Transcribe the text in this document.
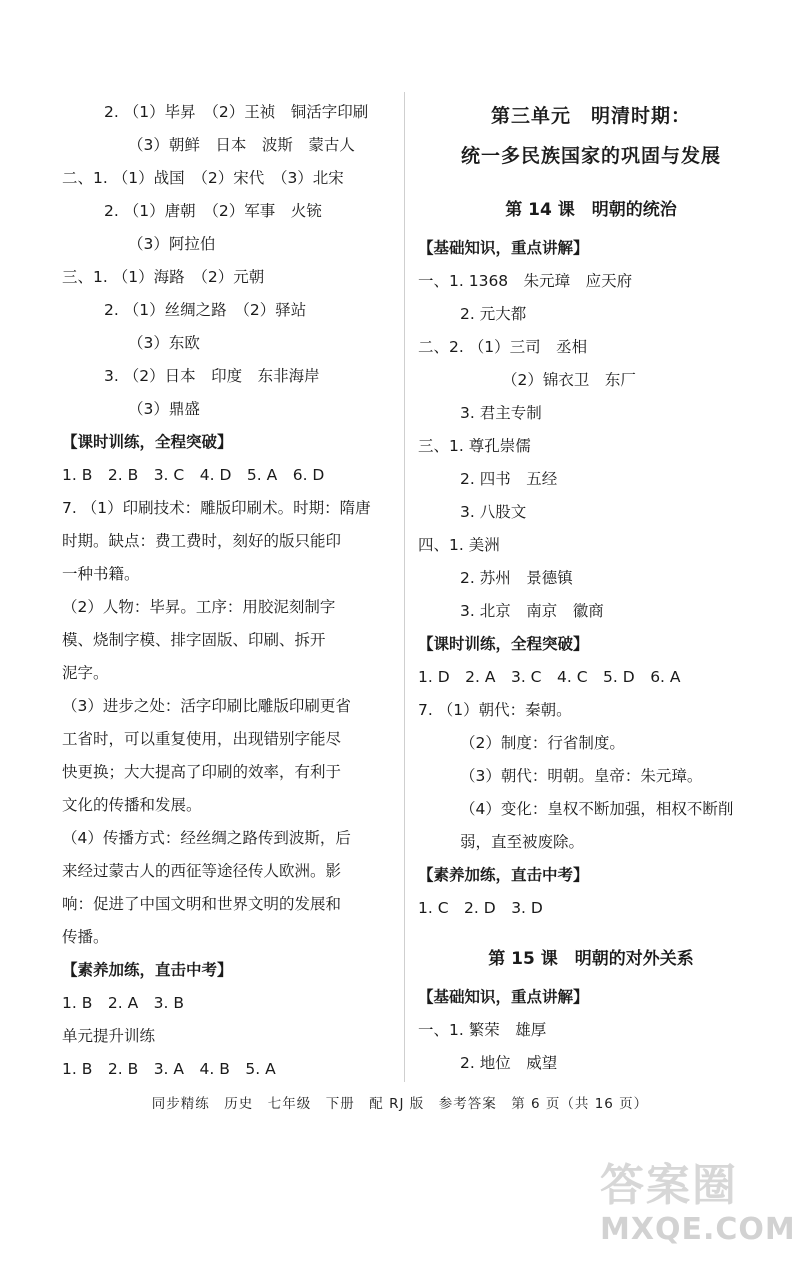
2. （1）毕昇　（2）王祯　铜活字印刷
（3）朝鲜　日本　波斯　蒙古人
二、1. （1）战国　（2）宋代　（3）北宋
2. （1）唐朝　（2）军事　火铳
（3）阿拉伯
三、1. （1）海路　（2）元朝
2. （1）丝绸之路　（2）驿站
（3）东欧
3. （2）日本　印度　东非海岸
（3）鼎盛
【课时训练，全程突破】
1. B　2. B　3. C　4. D　5. A　6. D
7. （1）印刷技术：雕版印刷术。时期：隋唐
时期。缺点：费工费时，刻好的版只能印
一种书籍。
（2）人物：毕昇。工序：用胶泥刻制字
模、烧制字模、排字固版、印刷、拆开
泥字。
（3）进步之处：活字印刷比雕版印刷更省
工省时，可以重复使用，出现错别字能尽
快更换；大大提高了印刷的效率，有利于
文化的传播和发展。
（4）传播方式：经丝绸之路传到波斯，后
来经过蒙古人的西征等途径传人欧洲。影
响：促进了中国文明和世界文明的发展和
传播。
【素养加练，直击中考】
1. B　2. A　3. B
单元提升训练
1. B　2. B　3. A　4. B　5. A
第三单元　明清时期：
统一多民族国家的巩固与发展
第 14 课　明朝的统治
【基础知识，重点讲解】
一、1. 1368　朱元璋　应天府
2. 元大都
二、2. （1）三司　丞相
（2）锦衣卫　东厂
3. 君主专制
三、1. 尊孔崇儒
2. 四书　五经
3. 八股文
四、1. 美洲
2. 苏州　景德镇
3. 北京　南京　徽商
【课时训练，全程突破】
1. D　2. A　3. C　4. C　5. D　6. A
7. （1）朝代：秦朝。
（2）制度：行省制度。
（3）朝代：明朝。皇帝：朱元璋。
（4）变化：皇权不断加强，相权不断削
弱，直至被废除。
【素养加练，直击中考】
1. C　2. D　3. D
第 15 课　明朝的对外关系
【基础知识，重点讲解】
一、1. 繁荣　雄厚
2. 地位　威望
同步精练　历史　七年级　下册　配 RJ 版　参考答案　第 6 页（共 16 页）
答案圈
MXQE.COM
